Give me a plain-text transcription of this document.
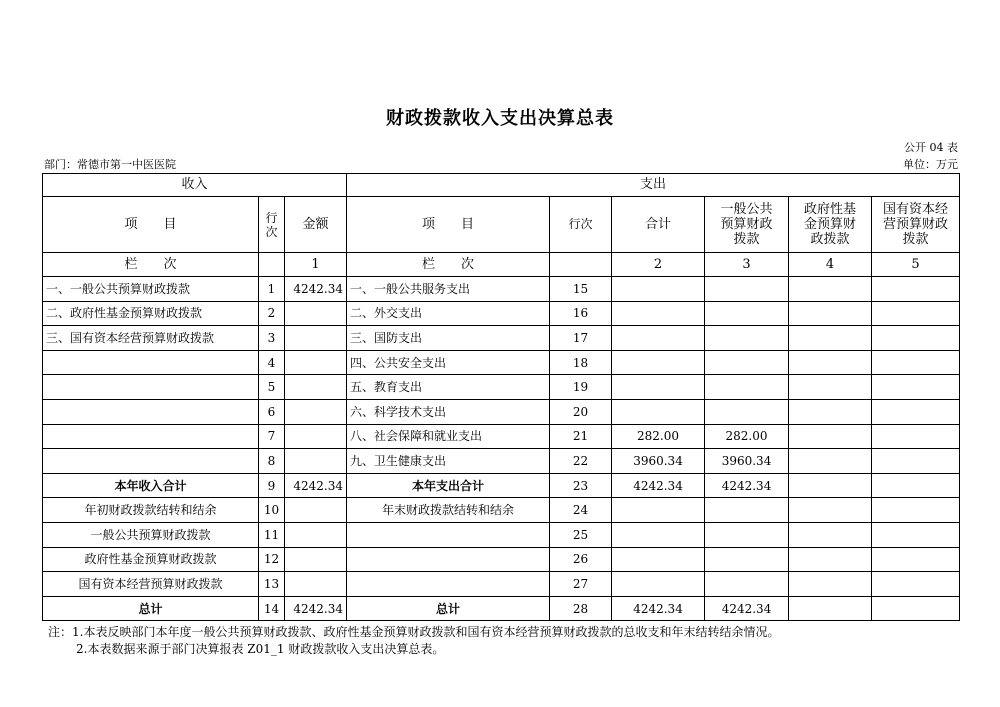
财政拨款收入支出决算总表
公开 04 表
部门：常德市第一中医医院	单位：万元
收入			支出					
项　　目	行次	金额	项　　目	行次	合计	一般公共预算财政拨款	政府性基金预算财政拨款	国有资本经营预算财政拨款
栏　　次		1	栏　　次		2	3	4	5
一、一般公共预算财政拨款	1	4242.34	一、一般公共服务支出	15				
二、政府性基金预算财政拨款	2		二、外交支出	16				
三、国有资本经营预算财政拨款	3		三、国防支出	17				
	4		四、公共安全支出	18				
	5		五、教育支出	19				
	6		六、科学技术支出	20				
	7		八、社会保障和就业支出	21	282.00	282.00		
	8		九、卫生健康支出	22	3960.34	3960.34		
本年收入合计	9	4242.34	本年支出合计	23	4242.34	4242.34		
年初财政拨款结转和结余	10		年末财政拨款结转和结余	24				
一般公共预算财政拨款	11			25				
政府性基金预算财政拨款	12			26				
国有资本经营预算财政拨款	13			27				
总计	14	4242.34	总计	28	4242.34	4242.34		
注：1.本表反映部门本年度一般公共预算财政拨款、政府性基金预算财政拨款和国有资本经营预算财政拨款的总收支和年末结转结余情况。
2.本表数据来源于部门决算报表 Z01_1 财政拨款收入支出决算总表。
